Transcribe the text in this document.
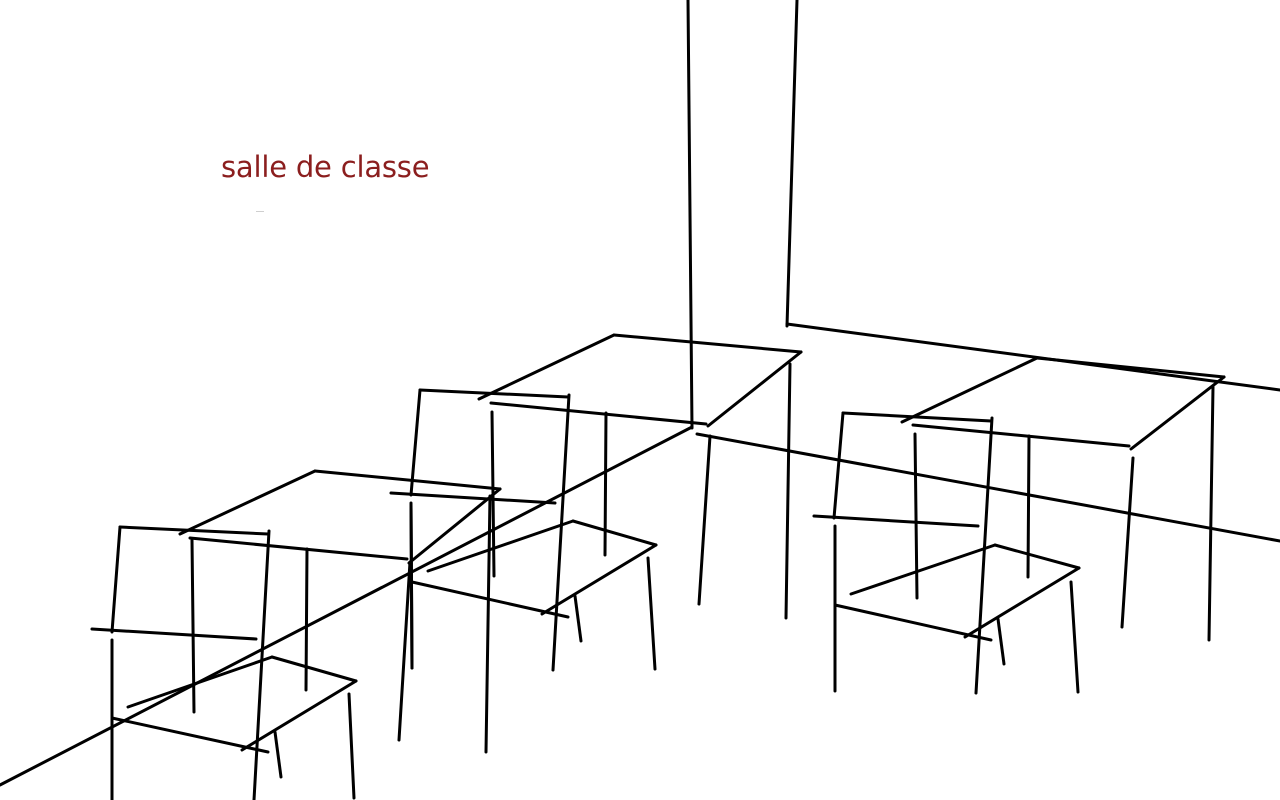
salle de classe
